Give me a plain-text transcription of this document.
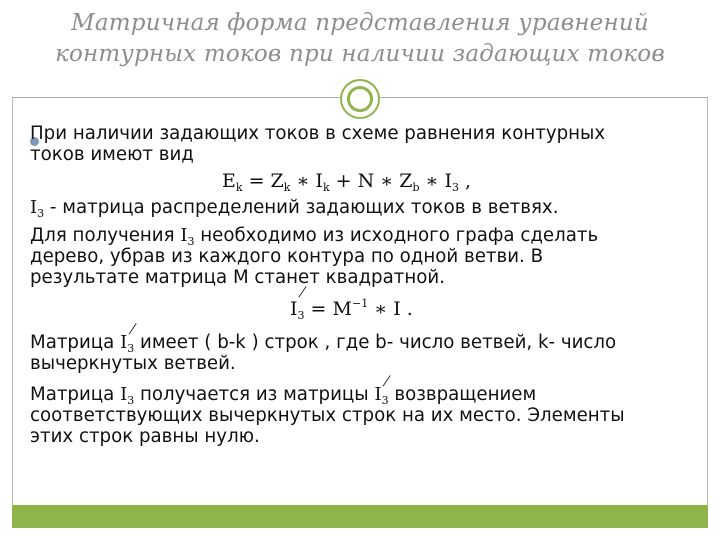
Матричная форма представления уравнений
контурных токов при наличии задающих токов
При наличии задающих токов в схеме равнения контурных
токов имеют вид
$E_k = Z_k$ ∗ $I_k + N$ ∗ $Z_b$ ∗ $I_3$ ,
$I_3$ - матрица распределений задающих токов в ветвях.
Для получения $I_3$ необходимо из исходного графа сделать
дерево, убрав из каждого контура по одной ветви. В
результате матрица М станет квадратной.
I
/
$_3 = M^{-1}$ ∗ I .
Матрица I
/
$_3$ имеет ( b-k ) строк , где b- число ветвей, k- число
вычеркнутых ветвей.
Матрица $I_3$ получается из матрицы I
/
$_3$ возвращением
соответствующих вычеркнутых строк на их место. Элементы
этих строк равны нулю.
